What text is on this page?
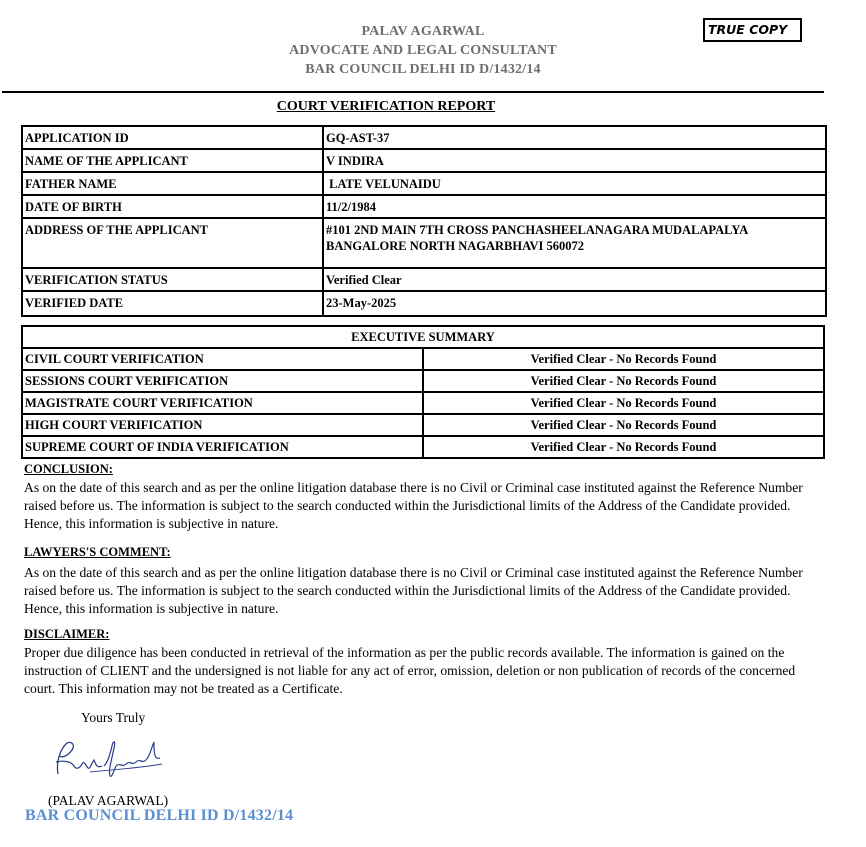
PALAV AGARWAL
ADVOCATE AND LEGAL CONSULTANT
BAR COUNCIL DELHI ID D/1432/14
TRUE COPY
COURT VERIFICATION REPORT
APPLICATION ID	GQ-AST-37
NAME OF THE APPLICANT	V INDIRA
FATHER NAME	LATE VELUNAIDU
DATE OF BIRTH	11/2/1984
ADDRESS OF THE APPLICANT	#101 2ND MAIN 7TH CROSS PANCHASHEELANAGARA MUDALAPALYA BANGALORE NORTH NAGARBHAVI 560072
VERIFICATION STATUS	Verified Clear
VERIFIED DATE	23-May-2025
EXECUTIVE SUMMARY	
CIVIL COURT VERIFICATION	Verified Clear - No Records Found
SESSIONS COURT VERIFICATION	Verified Clear - No Records Found
MAGISTRATE COURT VERIFICATION	Verified Clear - No Records Found
HIGH COURT VERIFICATION	Verified Clear - No Records Found
SUPREME COURT OF INDIA VERIFICATION	Verified Clear - No Records Found
CONCLUSION:
As on the date of this search and as per the online litigation database there is no Civil or Criminal case instituted against the Reference Number raised before us. The information is subject to the search conducted within the Jurisdictional limits of the Address of the Candidate provided. Hence, this information is subjective in nature.
LAWYERS'S COMMENT:
As on the date of this search and as per the online litigation database there is no Civil or Criminal case instituted against the Reference Number raised before us. The information is subject to the search conducted within the Jurisdictional limits of the Address of the Candidate provided. Hence, this information is subjective in nature.
DISCLAIMER:
Proper due diligence has been conducted in retrieval of the information as per the public records available. The information is gained on the instruction of CLIENT and the undersigned is not liable for any act of error, omission, deletion or non publication of records of the concerned court. This information may not be treated as a Certificate.
Yours Truly
(PALAV AGARWAL)
BAR COUNCIL DELHI ID D/1432/14
